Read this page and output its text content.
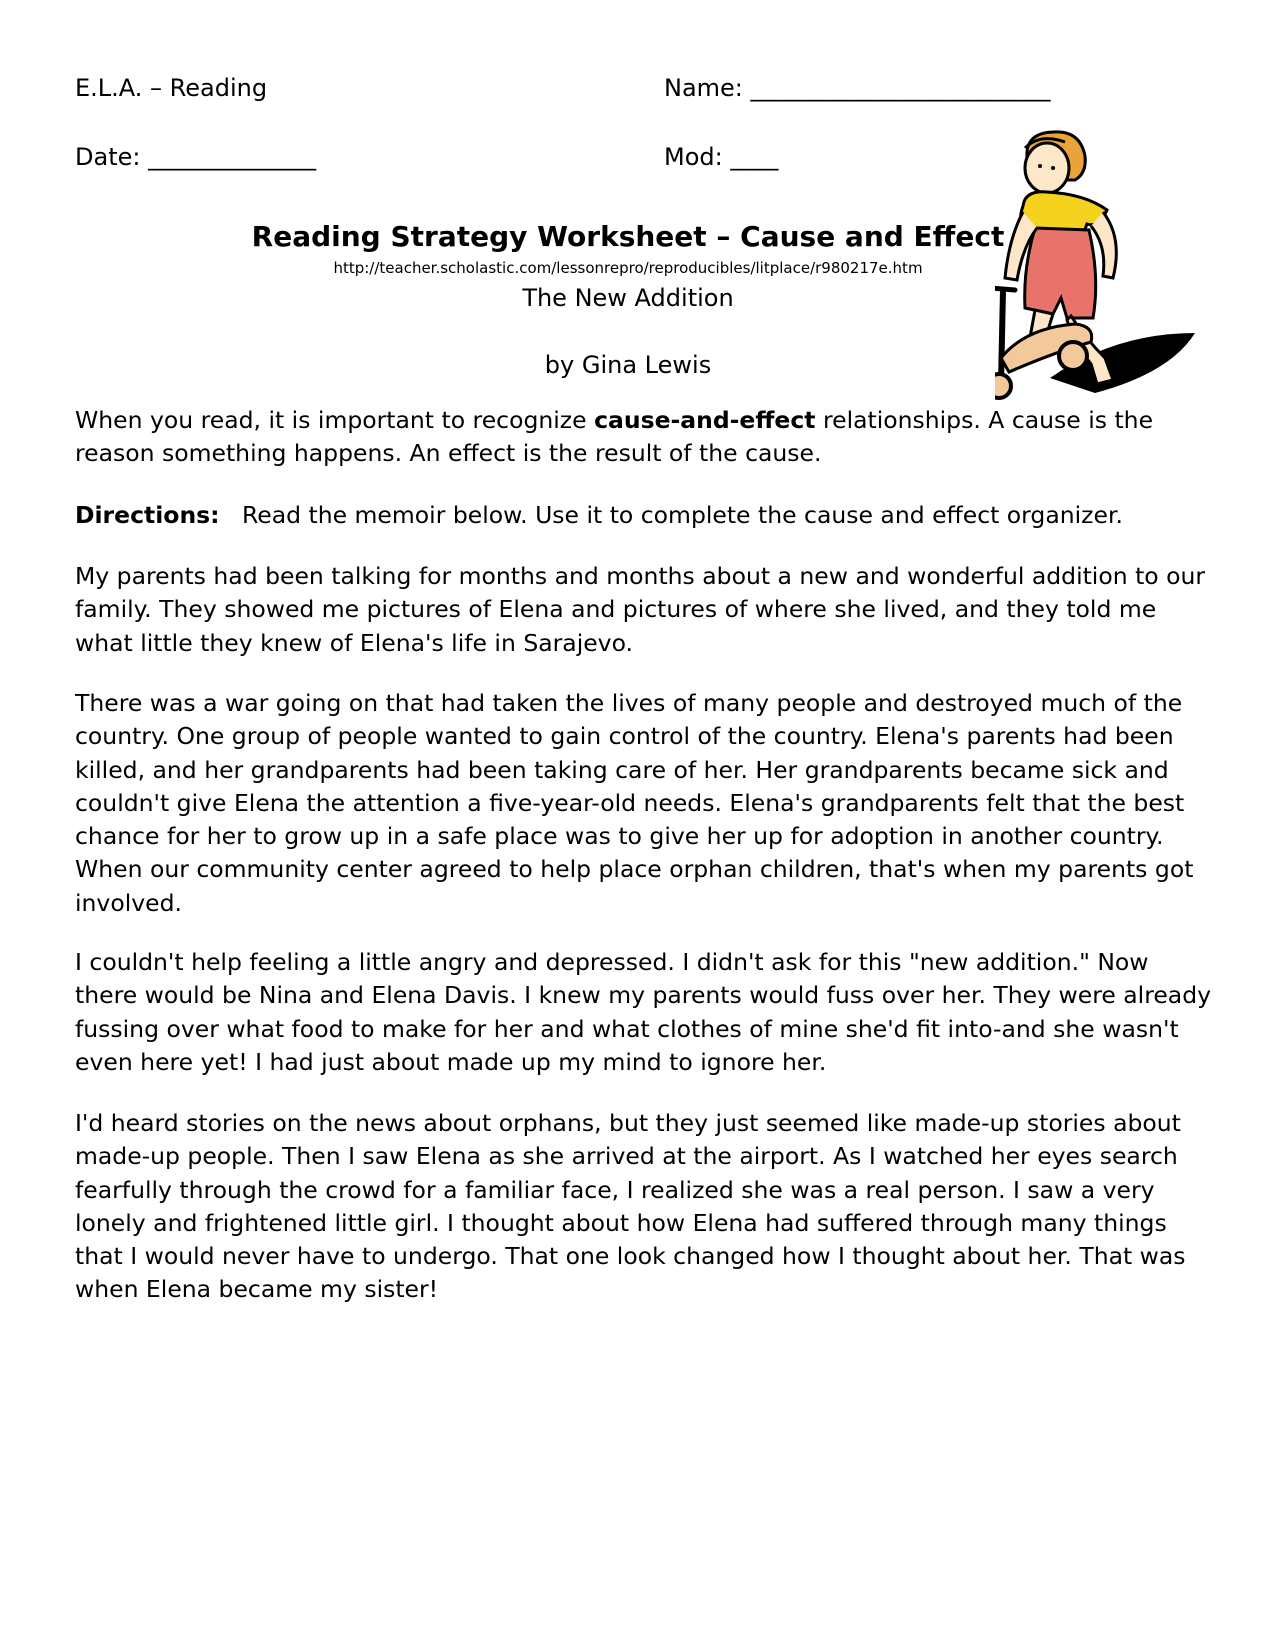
E.L.A. – Reading	Name: _________________________
Date: ______________	Mod: ____
Reading Strategy Worksheet – Cause and Effect
http://teacher.scholastic.com/lessonrepro/reproducibles/litplace/r980217e.htm
The New Addition
by Gina Lewis
When you read, it is important to recognize cause-and-effect relationships. A cause is the
reason something happens. An effect is the result of the cause.
Directions:   Read the memoir below. Use it to complete the cause and effect organizer.
My parents had been talking for months and months about a new and wonderful addition to our
family. They showed me pictures of Elena and pictures of where she lived, and they told me
what little they knew of Elena's life in Sarajevo.
There was a war going on that had taken the lives of many people and destroyed much of the
country. One group of people wanted to gain control of the country. Elena's parents had been
killed, and her grandparents had been taking care of her. Her grandparents became sick and
couldn't give Elena the attention a five-year-old needs. Elena's grandparents felt that the best
chance for her to grow up in a safe place was to give her up for adoption in another country.
When our community center agreed to help place orphan children, that's when my parents got
involved.
I couldn't help feeling a little angry and depressed. I didn't ask for this "new addition." Now
there would be Nina and Elena Davis. I knew my parents would fuss over her. They were already
fussing over what food to make for her and what clothes of mine she'd fit into-and she wasn't
even here yet! I had just about made up my mind to ignore her.
I'd heard stories on the news about orphans, but they just seemed like made-up stories about
made-up people. Then I saw Elena as she arrived at the airport. As I watched her eyes search
fearfully through the crowd for a familiar face, I realized she was a real person. I saw a very
lonely and frightened little girl. I thought about how Elena had suffered through many things
that I would never have to undergo. That one look changed how I thought about her. That was
when Elena became my sister!
